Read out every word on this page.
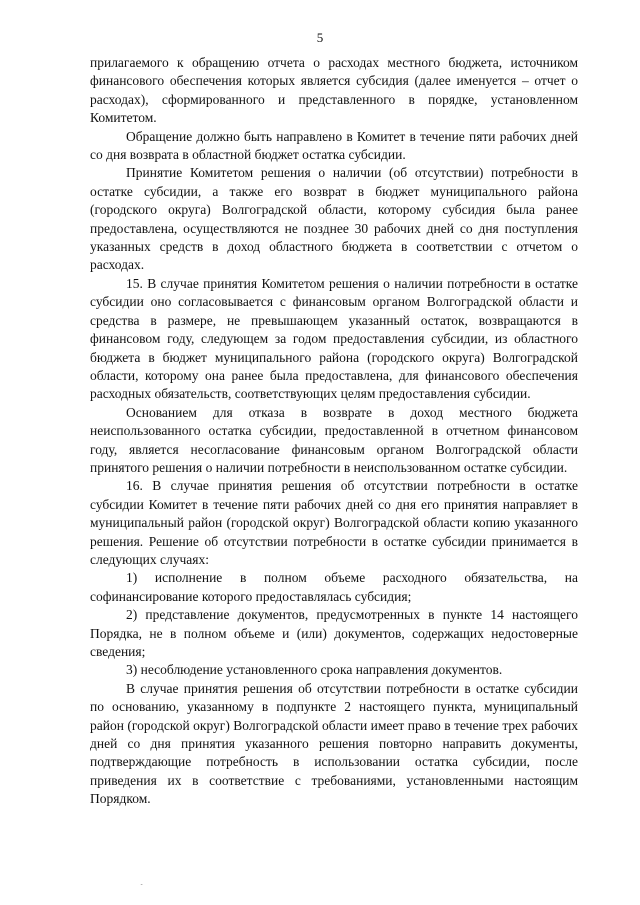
5

прилагаемого к обращению отчета о расходах местного бюджета, источником финансового обеспечения которых является субсидия (далее именуется – отчет о расходах), сформированного и представленного в порядке, установленном Комитетом.

Обращение должно быть направлено в Комитет в течение пяти рабочих дней со дня возврата в областной бюджет остатка субсидии.

Принятие Комитетом решения о наличии (об отсутствии) потребности в остатке субсидии, а также его возврат в бюджет муниципального района (городского округа) Волгоградской области, которому субсидия была ранее предоставлена, осуществляются не позднее 30 рабочих дней со дня поступления указанных средств в доход областного бюджета в соответствии с отчетом о расходах.

15. В случае принятия Комитетом решения о наличии потребности в остатке субсидии оно согласовывается с финансовым органом Волгоградской области и средства в размере, не превышающем указанный остаток, возвращаются в финансовом году, следующем за годом предоставления субсидии, из областного бюджета в бюджет муниципального района (городского округа) Волгоградской области, которому она ранее была предоставлена, для финансового обеспечения расходных обязательств, соответствующих целям предоставления субсидии.

Основанием для отказа в возврате в доход местного бюджета неиспользованного остатка субсидии, предоставленной в отчетном финансовом году, является несогласование финансовым органом Волгоградской области принятого решения о наличии потребности в неиспользованном остатке субсидии.

16. В случае принятия решения об отсутствии потребности в остатке субсидии Комитет в течение пяти рабочих дней со дня его принятия направляет в муниципальный район (городской округ) Волгоградской области копию указанного решения. Решение об отсутствии потребности в остатке субсидии принимается в следующих случаях:

1) исполнение в полном объеме расходного обязательства, на софинансирование которого предоставлялась субсидия;

2) представление документов, предусмотренных в пункте 14 настоящего Порядка, не в полном объеме и (или) документов, содержащих недостоверные сведения;

3) несоблюдение установленного срока направления документов.

В случае принятия решения об отсутствии потребности в остатке субсидии по основанию, указанному в подпункте 2 настоящего пункта, муниципальный район (городской округ) Волгоградской области имеет право в течение трех рабочих дней со дня принятия указанного решения повторно направить документы, подтверждающие потребность в использовании остатка субсидии, после приведения их в соответствие с требованиями, установленными настоящим Порядком.

ˏ
